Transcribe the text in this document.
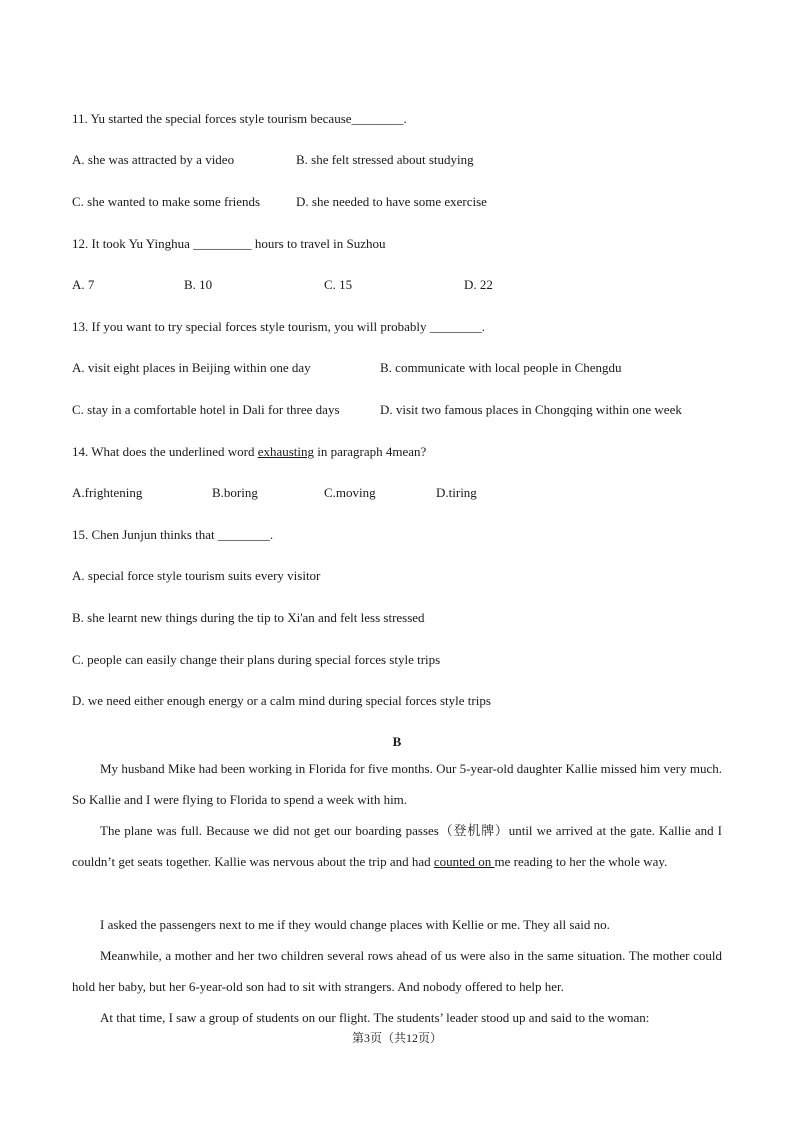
11. Yu started the special forces style tourism because________.
A. she was attracted by a video	B. she felt stressed about studying
C. she wanted to make some friends	D. she needed to have some exercise
12. It took Yu Yinghua _________ hours to travel in Suzhou
A. 7	B. 10	C. 15	D. 22
13. If you want to try special forces style tourism, you will probably ________.
A. visit eight places in Beijing within one day	B. communicate with local people in Chengdu
C. stay in a comfortable hotel in Dali for three days	D. visit two famous places in Chongqing within one week
14. What does the underlined word exhausting in paragraph 4mean?
A.frightening	B.boring	C.moving	D.tiring
15. Chen Junjun thinks that ________.
A. special force style tourism suits every visitor
B. she learnt new things during the tip to Xi'an and felt less stressed
C. people can easily change their plans during special forces style trips
D. we need either enough energy or a calm mind during special forces style trips
B
My husband Mike had been working in Florida for five months. Our 5-year-old daughter Kallie missed him very much. So Kallie and I were flying to Florida to spend a week with him.
The plane was full. Because we did not get our boarding passes（登机牌）until we arrived at the gate. Kallie and I couldn’t get seats together. Kallie was nervous about the trip and had counted on me reading to her the whole way.
I asked the passengers next to me if they would change places with Kellie or me. They all said no.
Meanwhile, a mother and her two children several rows ahead of us were also in the same situation. The mother could hold her baby, but her 6-year-old son had to sit with strangers. And nobody offered to help her.
At that time, I saw a group of students on our flight. The students’ leader stood up and said to the woman:
第3页（共12页）
